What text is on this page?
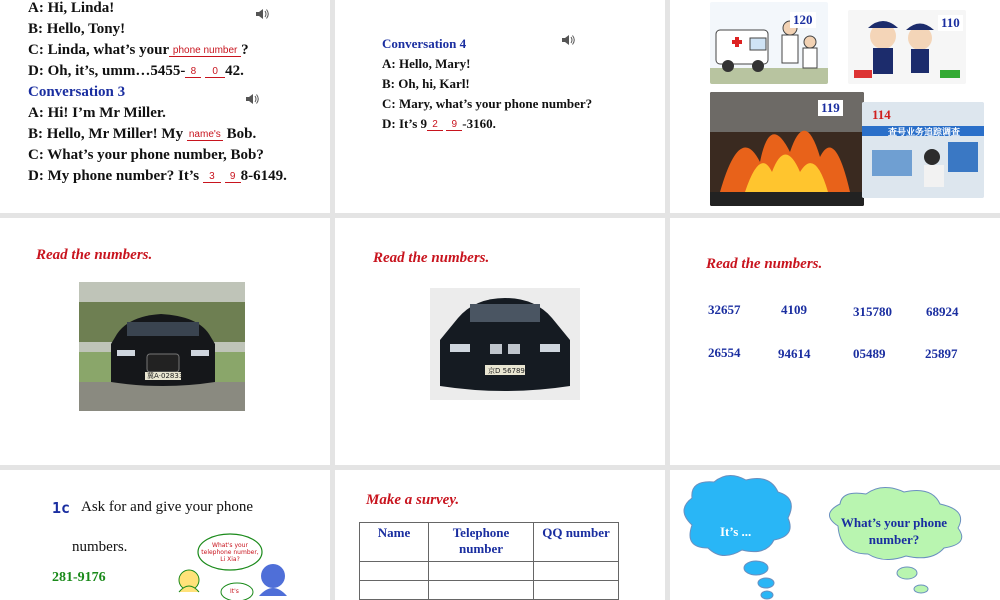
A: Hi, Linda!
B: Hello, Tony!
C: Linda, what’s your phone number ?
D: Oh, it’s, umm…5455- 8 0 42.
Conversation 3
A: Hi! I’m Mr Miller.
B: Hello, Mr Miller! My name's Bob.
C: What’s your phone number, Bob?
D: My phone number? It’s 3 9 8-6149.
Conversation 4
A: Hello, Mary!
B: Oh, hi, Karl!
C: Mary, what’s your phone number?
D: It’s 9 2 9 -3160.
120	110
119 114
查号业务追踪调查
Read the numbers.
冀A·02833
Read the numbers.
京D 56789
Read the numbers.
32657	4109	315780	68924
26554	94614	05489	25897
1c Ask for and give your phone
numbers.
281-9176
What's your telephone number, Li Xia?
It's
Make a survey.
Name	Telephone number	QQ number

			It’s ...
What’s your phone number?
